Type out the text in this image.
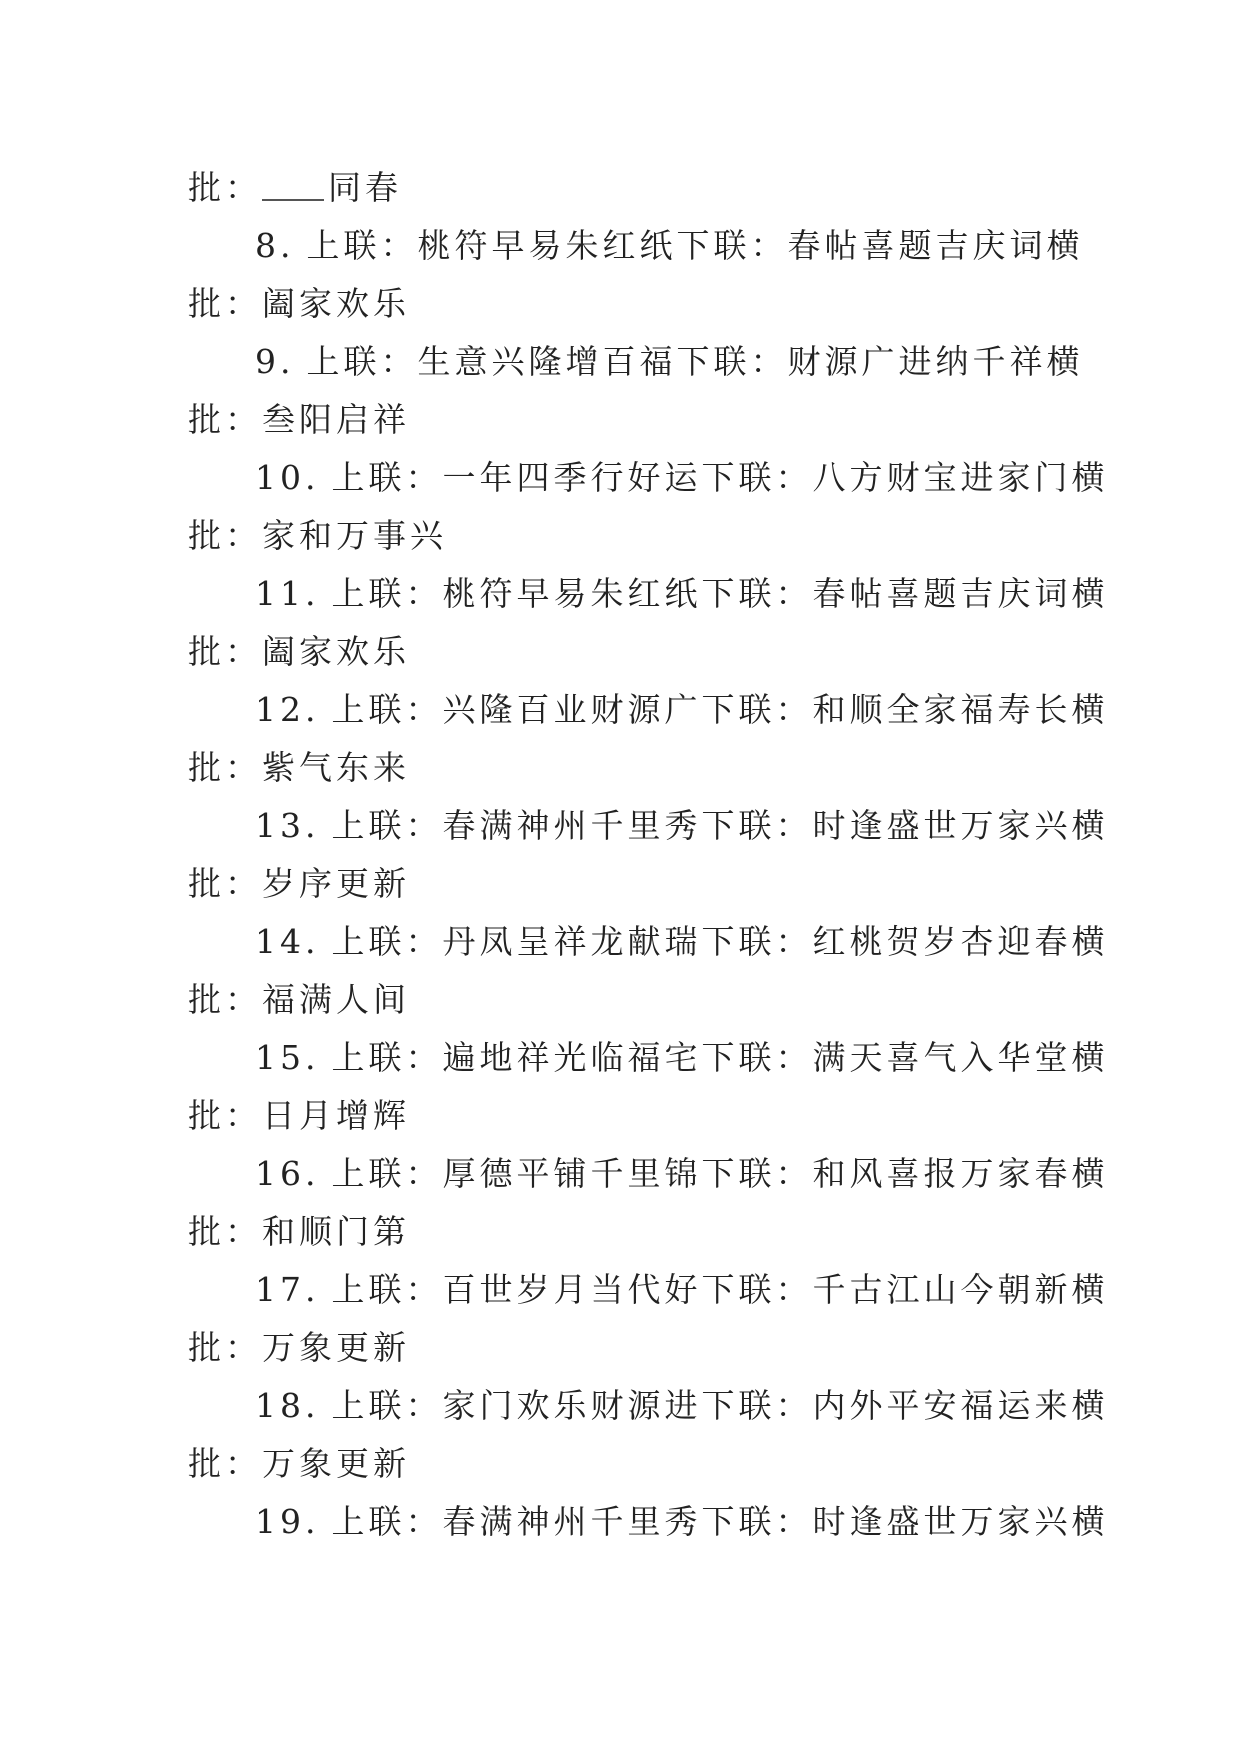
批： 同春
8. 上联：桃符早易朱红纸 下联：春帖喜题吉庆词 横
批：阖家欢乐
9. 上联：生意兴隆增百福 下联：财源广进纳千祥 横
批：叁阳启祥
10. 上联：一年四季行好运 下联：八方财宝进家门 横
批：家和万事兴
11. 上联：桃符早易朱红纸 下联：春帖喜题吉庆词 横
批：阖家欢乐
12. 上联：兴隆百业财源广 下联：和顺全家福寿长 横
批：紫气东来
13. 上联：春满神州千里秀 下联：时逢盛世万家兴 横
批：岁序更新
14. 上联：丹凤呈祥龙献瑞 下联：红桃贺岁杏迎春 横
批：福满人间
15. 上联：遍地祥光临福宅 下联：满天喜气入华堂 横
批：日月增辉
16. 上联：厚德平铺千里锦 下联：和风喜报万家春 横
批：和顺门第
17. 上联：百世岁月当代好 下联：千古江山今朝新 横
批：万象更新
18. 上联：家门欢乐财源进 下联：内外平安福运来 横
批：万象更新
19. 上联：春满神州千里秀 下联：时逢盛世万家兴 横
